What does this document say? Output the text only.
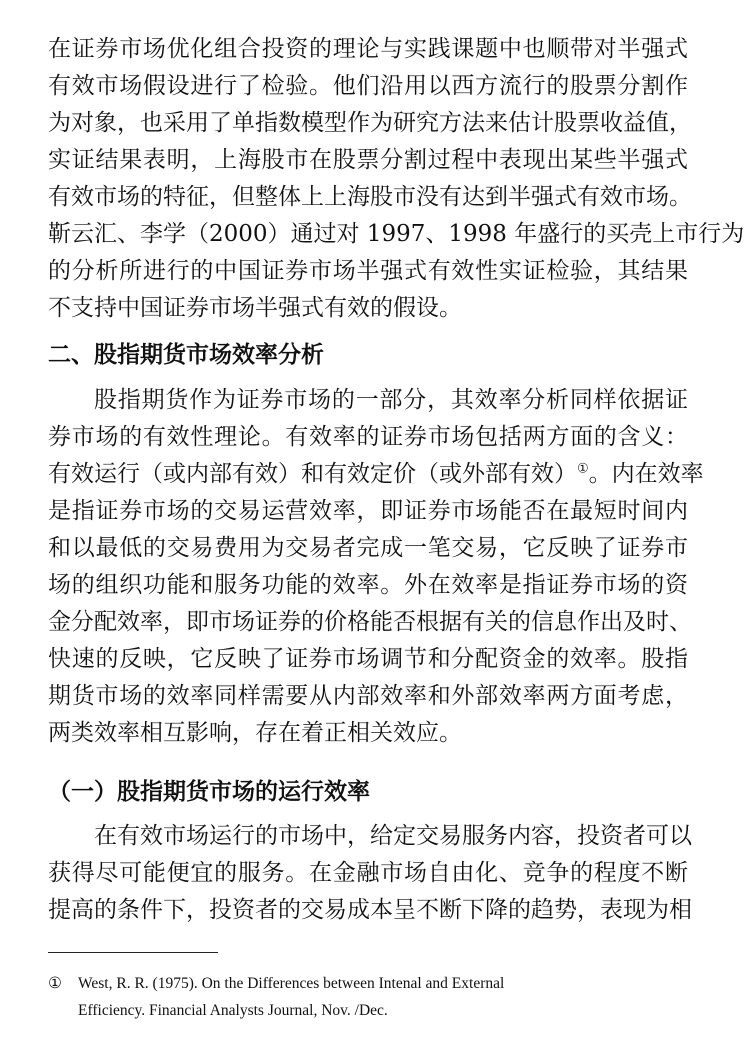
在证券市场优化组合投资的理论与实践课题中也顺带对半强式

有效市场假设进行了检验。他们沿用以西方流行的股票分割作

为对象，也采用了单指数模型作为研究方法来估计股票收益值，

实证结果表明，上海股市在股票分割过程中表现出某些半强式

有效市场的特征，但整体上上海股市没有达到半强式有效市场。

靳云汇、李学（2000）通过对 1997、1998 年盛行的买壳上市行为

的分析所进行的中国证券市场半强式有效性实证检验，其结果

不支持中国证券市场半强式有效的假设。

二、股指期货市场效率分析

股指期货作为证券市场的一部分，其效率分析同样依据证

券市场的有效性理论。有效率的证券市场包括两方面的含义：

有效运行（或内部有效）和有效定价（或外部有效）①。内在效率

是指证券市场的交易运营效率，即证券市场能否在最短时间内

和以最低的交易费用为交易者完成一笔交易，它反映了证券市

场的组织功能和服务功能的效率。外在效率是指证券市场的资

金分配效率，即市场证券的价格能否根据有关的信息作出及时、

快速的反映，它反映了证券市场调节和分配资金的效率。股指

期货市场的效率同样需要从内部效率和外部效率两方面考虑，

两类效率相互影响，存在着正相关效应。

（一）股指期货市场的运行效率

在有效市场运行的市场中，给定交易服务内容，投资者可以

获得尽可能便宜的服务。在金融市场自由化、竞争的程度不断

提高的条件下，投资者的交易成本呈不断下降的趋势，表现为相

① West, R. R. (1975). On the Differences between Intenal and External

Efficiency. Financial Analysts Journal, Nov. /Dec.
